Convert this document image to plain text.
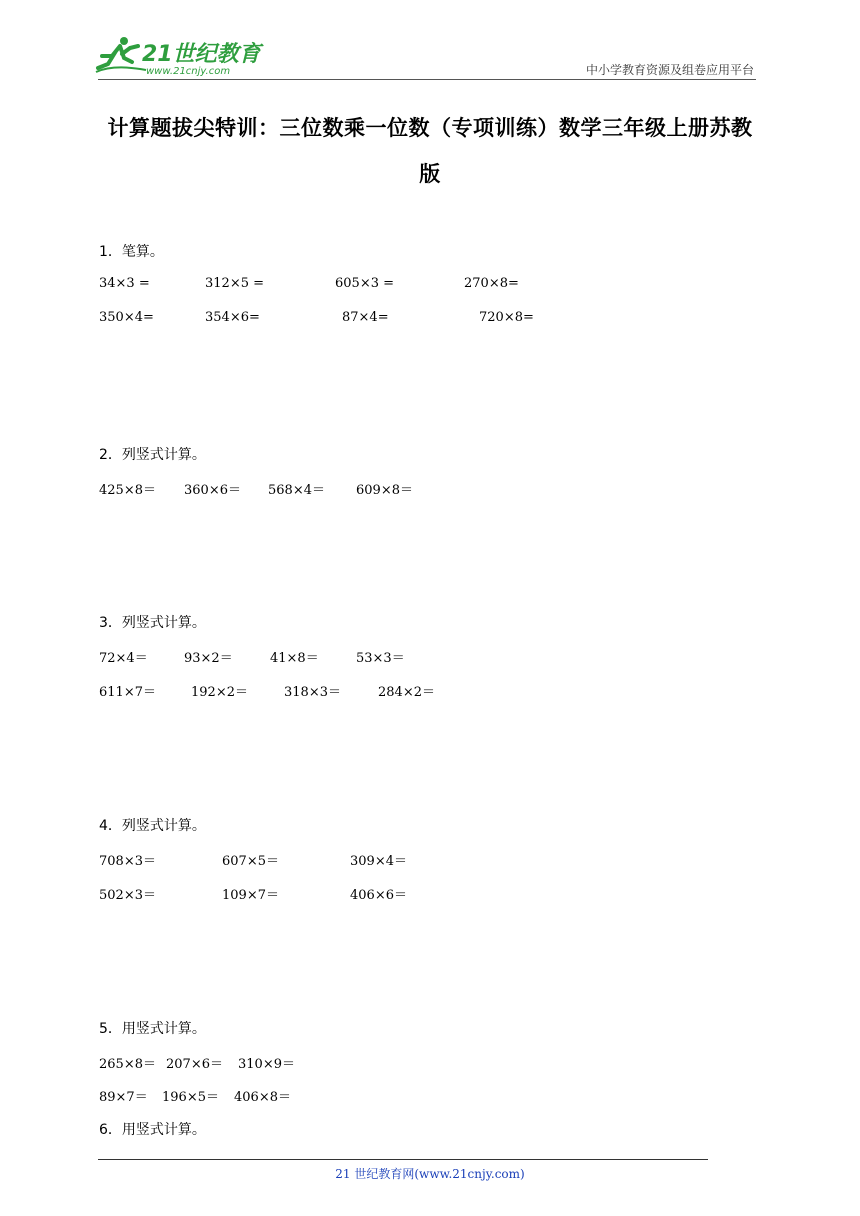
21世纪教育
www.21cnjy.com	中小学教育资源及组卷应用平台
计算题拔尖特训：三位数乘一位数（专项训练）数学三年级上册苏教版
1．笔算。
34×3 =	312×5 =	605×3 =	270×8=
350×4=	354×6=	87×4=	720×8=
2．列竖式计算。
425×8＝ 360×6＝ 568×4＝ 609×8＝
3．列竖式计算。
72×4＝	93×2＝	41×8＝	53×3＝
611×7＝	192×2＝	318×3＝	284×2＝
4．列竖式计算。
708×3＝	607×5＝	309×4＝
502×3＝	109×7＝	406×6＝
5．用竖式计算。
265×8＝ 207×6＝ 310×9＝
89×7＝ 196×5＝ 406×8＝
6．用竖式计算。
21 世纪教育网(www.21cnjy.com)
